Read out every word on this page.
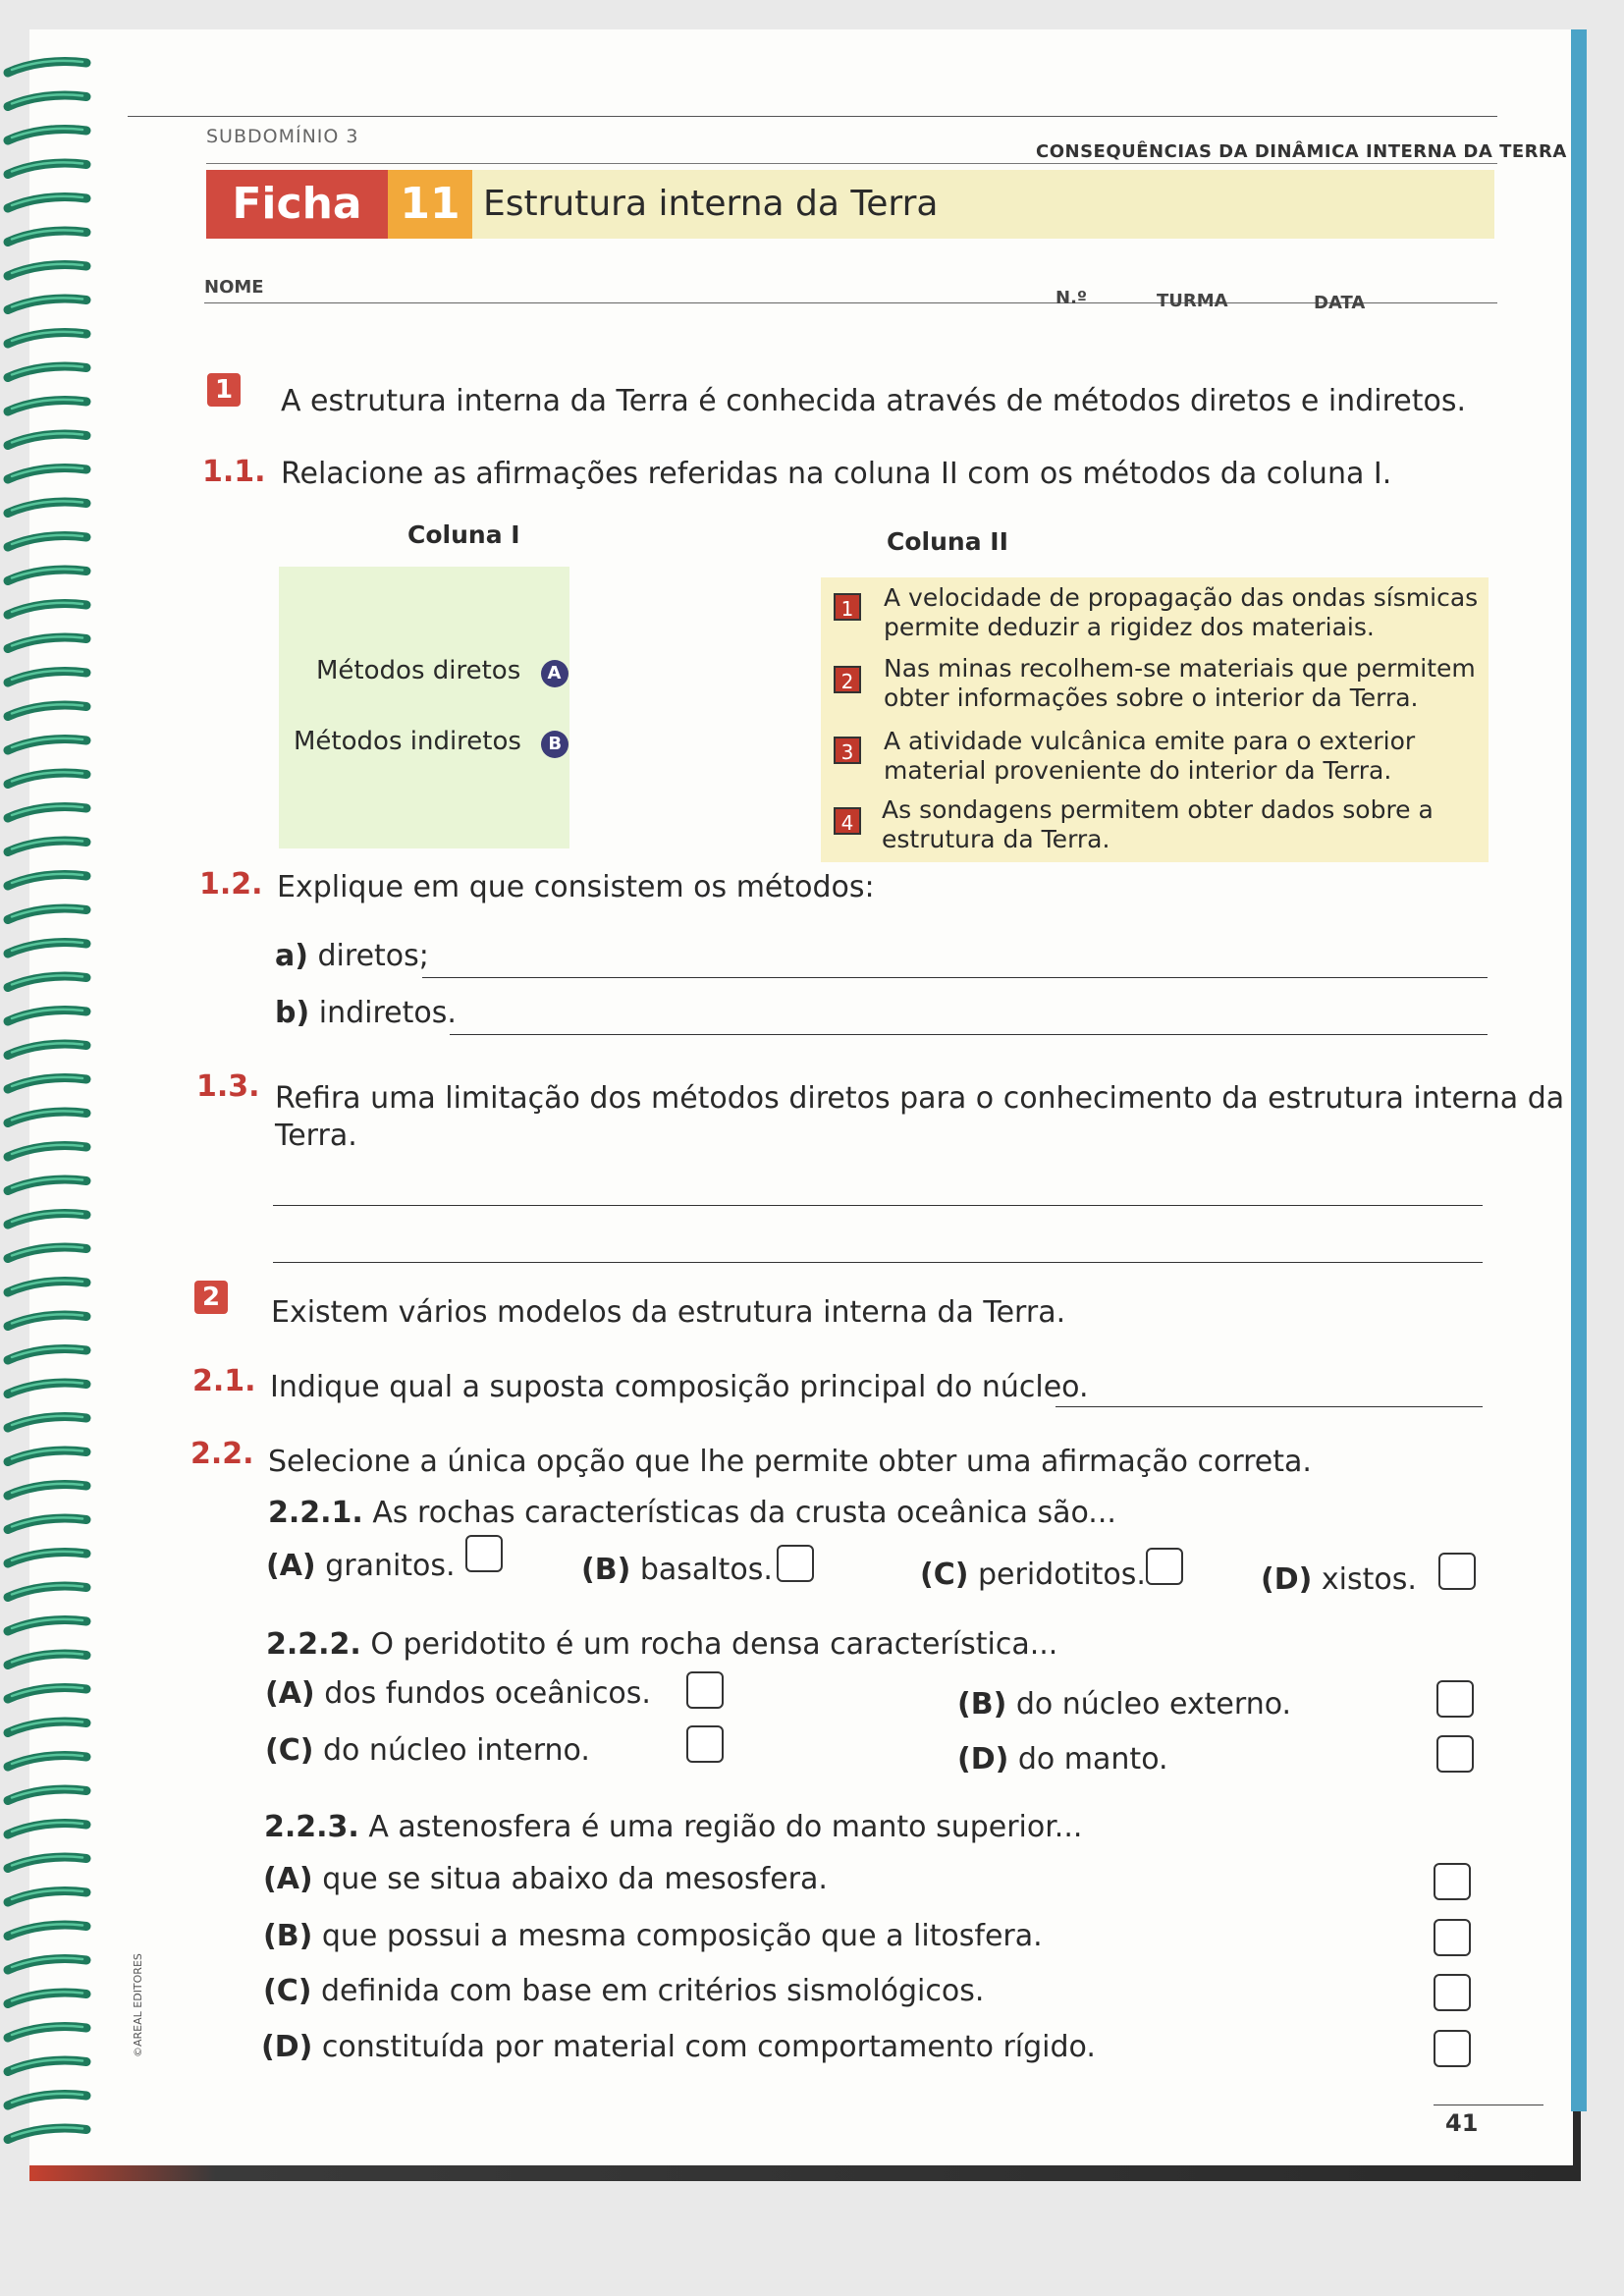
SUBDOMÍNIO 3
CONSEQUÊNCIAS DA DINÂMICA INTERNA DA TERRA
Ficha 11 Estrutura interna da Terra
NOME
N.º	TURMA	DATA
1 A estrutura interna da Terra é conhecida através de métodos diretos e indiretos.
1.1. Relacione as afirmações referidas na coluna II com os métodos da coluna I.
Coluna I	Coluna II
Métodos diretos A
Métodos indiretos B
1	A velocidade de propagação das ondas sísmicas
permite deduzir a rigidez dos materiais.
2	Nas minas recolhem-se materiais que permitem
obter informações sobre o interior da Terra.
3	A atividade vulcânica emite para o exterior
material proveniente do interior da Terra.
4	As sondagens permitem obter dados sobre a
estrutura da Terra.
1.2. Explique em que consistem os métodos:
a) diretos;
b) indiretos.
1.3. Refira uma limitação dos métodos diretos para o conhecimento da estrutura interna da
Terra.
2 Existem vários modelos da estrutura interna da Terra.
2.1. Indique qual a suposta composição principal do núcleo.
2.2. Selecione a única opção que lhe permite obter uma afirmação correta.
2.2.1. As rochas características da crusta oceânica são...
(A) granitos.	(B) basaltos.	(C) peridotitos.	(D) xistos.
2.2.2. O peridotito é um rocha densa característica...
(A) dos fundos oceânicos.	(B) do núcleo externo.
(C) do núcleo interno.	(D) do manto.
2.2.3. A astenosfera é uma região do manto superior...
(A) que se situa abaixo da mesosfera.
(B) que possui a mesma composição que a litosfera.
(C) definida com base em critérios sismológicos.
(D) constituída por material com comportamento rígido.
©AREAL EDITORES
41
